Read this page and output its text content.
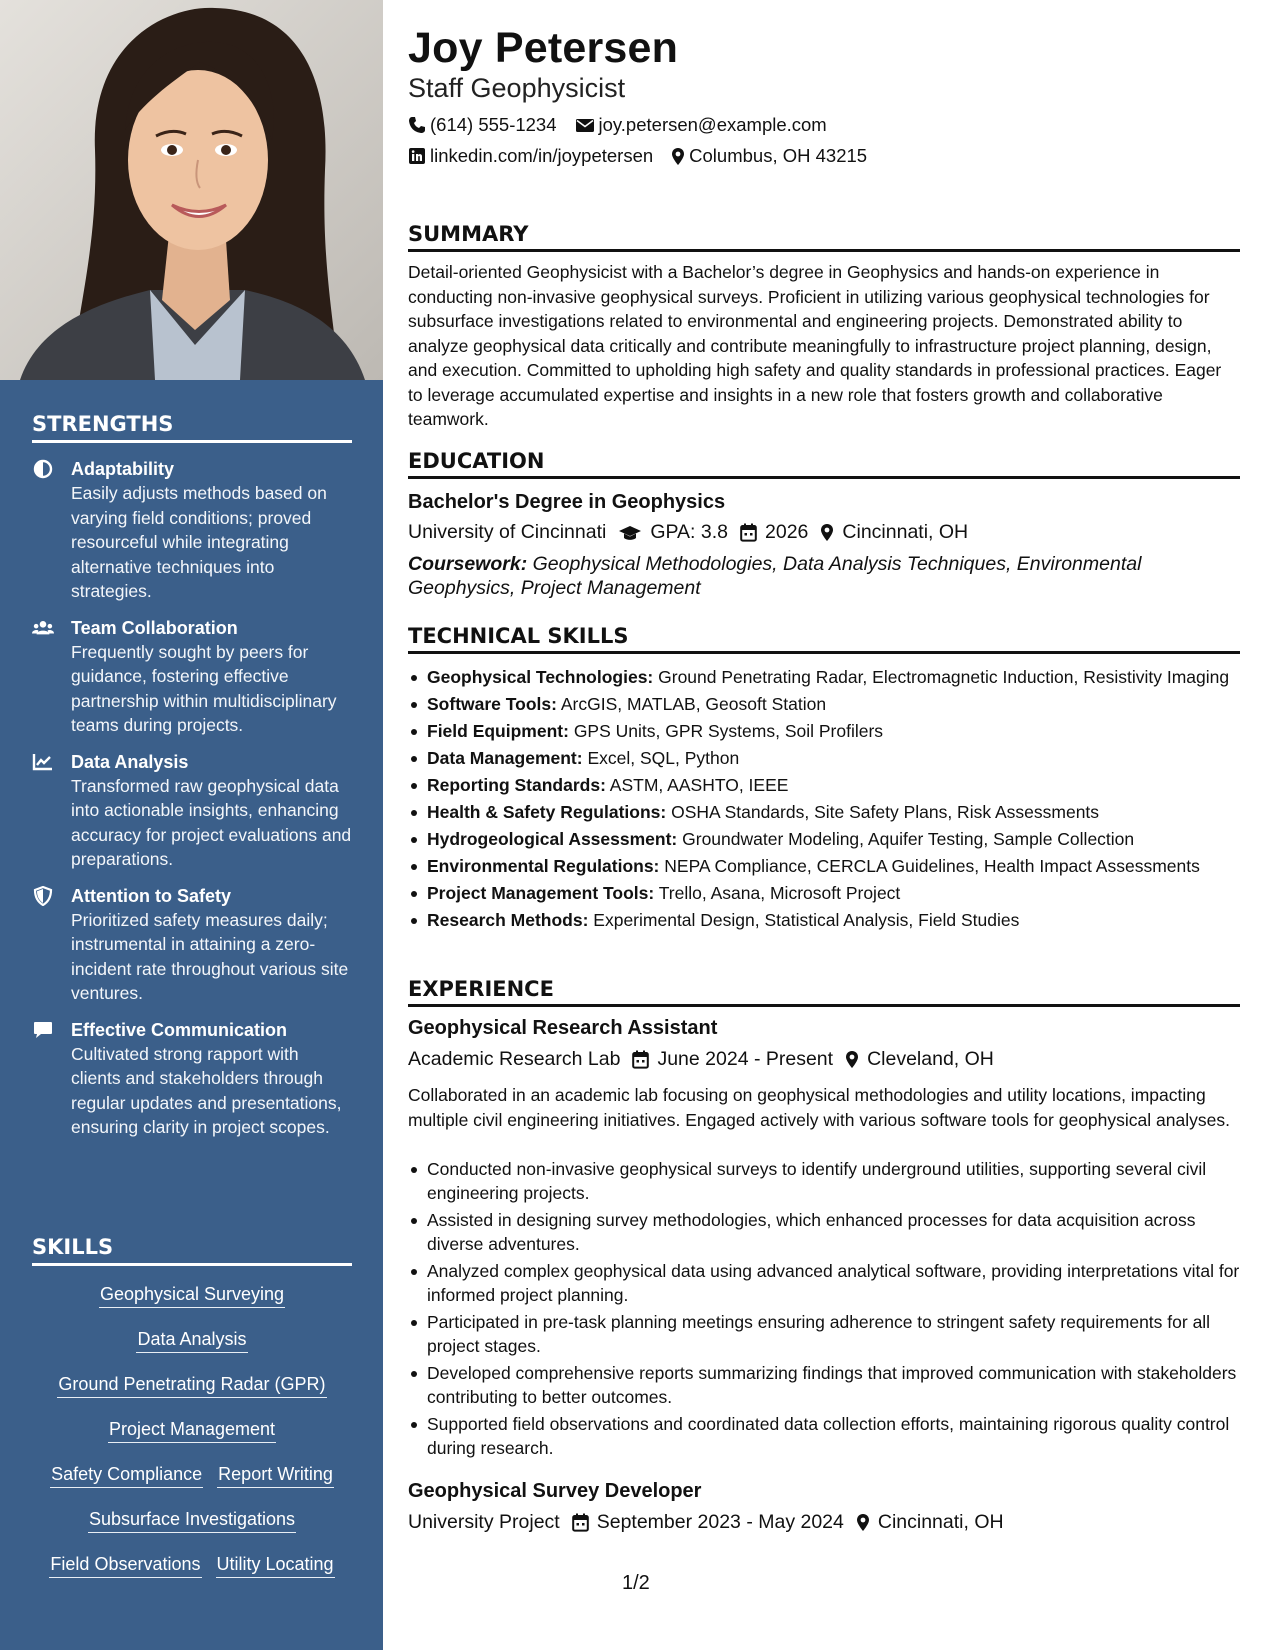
STRENGTHS
Adaptability
Easily adjusts methods based on varying field conditions; proved resourceful while integrating alternative techniques into strategies.
Team Collaboration
Frequently sought by peers for guidance, fostering effective partnership within multidisciplinary teams during projects.
Data Analysis
Transformed raw geophysical data into actionable insights, enhancing accuracy for project evaluations and preparations.
Attention to Safety
Prioritized safety measures daily; instrumental in attaining a zero-incident rate throughout various site ventures.
Effective Communication
Cultivated strong rapport with clients and stakeholders through regular updates and presentations, ensuring clarity in project scopes.
SKILLS
Geophysical Surveying
Data Analysis
Ground Penetrating Radar (GPR)
Project Management
Safety Compliance Report Writing
Subsurface Investigations
Field Observations Utility Locating
Joy Petersen
Staff Geophysicist
(614) 555-1234 joy.petersen@example.com
linkedin.com/in/joypetersen Columbus, OH 43215
SUMMARY
Detail-oriented Geophysicist with a Bachelor’s degree in Geophysics and hands-on experience in conducting non-invasive geophysical surveys. Proficient in utilizing various geophysical technologies for subsurface investigations related to environmental and engineering projects. Demonstrated ability to analyze geophysical data critically and contribute meaningfully to infrastructure project planning, design, and execution. Committed to upholding high safety and quality standards in professional practices. Eager to leverage accumulated expertise and insights in a new role that fosters growth and collaborative teamwork.
EDUCATION
Bachelor's Degree in Geophysics
University of Cincinnati GPA: 3.8 2026 Cincinnati, OH
Coursework: Geophysical Methodologies, Data Analysis Techniques, Environmental Geophysics, Project Management
TECHNICAL SKILLS
Geophysical Technologies: Ground Penetrating Radar, Electromagnetic Induction, Resistivity Imaging
Software Tools: ArcGIS, MATLAB, Geosoft Station
Field Equipment: GPS Units, GPR Systems, Soil Profilers
Data Management: Excel, SQL, Python
Reporting Standards: ASTM, AASHTO, IEEE
Health & Safety Regulations: OSHA Standards, Site Safety Plans, Risk Assessments
Hydrogeological Assessment: Groundwater Modeling, Aquifer Testing, Sample Collection
Environmental Regulations: NEPA Compliance, CERCLA Guidelines, Health Impact Assessments
Project Management Tools: Trello, Asana, Microsoft Project
Research Methods: Experimental Design, Statistical Analysis, Field Studies
EXPERIENCE
Geophysical Research Assistant
Academic Research Lab June 2024 - Present Cleveland, OH
Collaborated in an academic lab focusing on geophysical methodologies and utility locations, impacting multiple civil engineering initiatives. Engaged actively with various software tools for geophysical analyses.
Conducted non-invasive geophysical surveys to identify underground utilities, supporting several civil engineering projects.
Assisted in designing survey methodologies, which enhanced processes for data acquisition across diverse adventures.
Analyzed complex geophysical data using advanced analytical software, providing interpretations vital for informed project planning.
Participated in pre-task planning meetings ensuring adherence to stringent safety requirements for all project stages.
Developed comprehensive reports summarizing findings that improved communication with stakeholders contributing to better outcomes.
Supported field observations and coordinated data collection efforts, maintaining rigorous quality control during research.
Geophysical Survey Developer
University Project September 2023 - May 2024 Cincinnati, OH
1/2
